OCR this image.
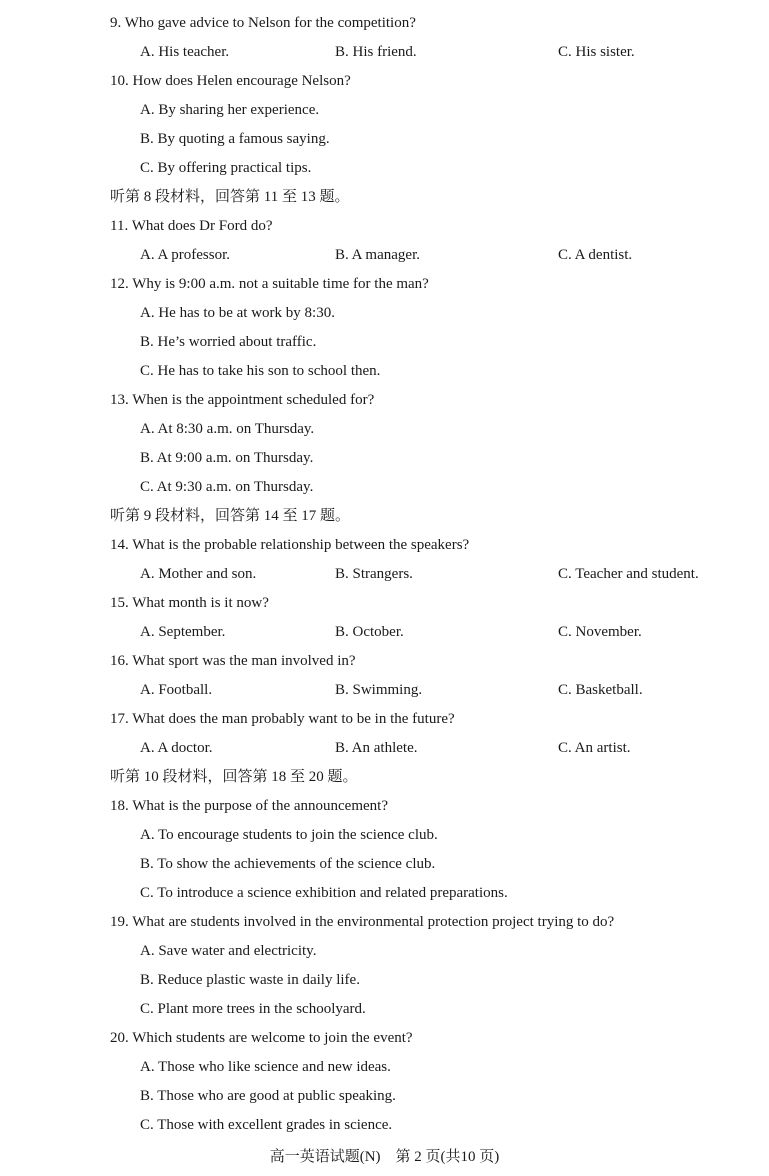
9. Who gave advice to Nelson for the competition?
A. His teacher.	B. His friend.	C. His sister.
10. How does Helen encourage Nelson?
A. By sharing her experience.
B. By quoting a famous saying.
C. By offering practical tips.
听第 8 段材料，回答第 11 至 13 题。
11. What does Dr Ford do?
A. A professor.	B. A manager.	C. A dentist.
12. Why is 9:00 a.m. not a suitable time for the man?
A. He has to be at work by 8:30.
B. He’s worried about traffic.
C. He has to take his son to school then.
13. When is the appointment scheduled for?
A. At 8:30 a.m. on Thursday.
B. At 9:00 a.m. on Thursday.
C. At 9:30 a.m. on Thursday.
听第 9 段材料，回答第 14 至 17 题。
14. What is the probable relationship between the speakers?
A. Mother and son.	B. Strangers.	C. Teacher and student.
15. What month is it now?
A. September.	B. October.	C. November.
16. What sport was the man involved in?
A. Football.	B. Swimming.	C. Basketball.
17. What does the man probably want to be in the future?
A. A doctor.	B. An athlete.	C. An artist.
听第 10 段材料，回答第 18 至 20 题。
18. What is the purpose of the announcement?
A. To encourage students to join the science club.
B. To show the achievements of the science club.
C. To introduce a science exhibition and related preparations.
19. What are students involved in the environmental protection project trying to do?
A. Save water and electricity.
B. Reduce plastic waste in daily life.
C. Plant more trees in the schoolyard.
20. Which students are welcome to join the event?
A. Those who like science and new ideas.
B. Those who are good at public speaking.
C. Those with excellent grades in science.
高一英语试题(N)　第 2 页(共10 页)
